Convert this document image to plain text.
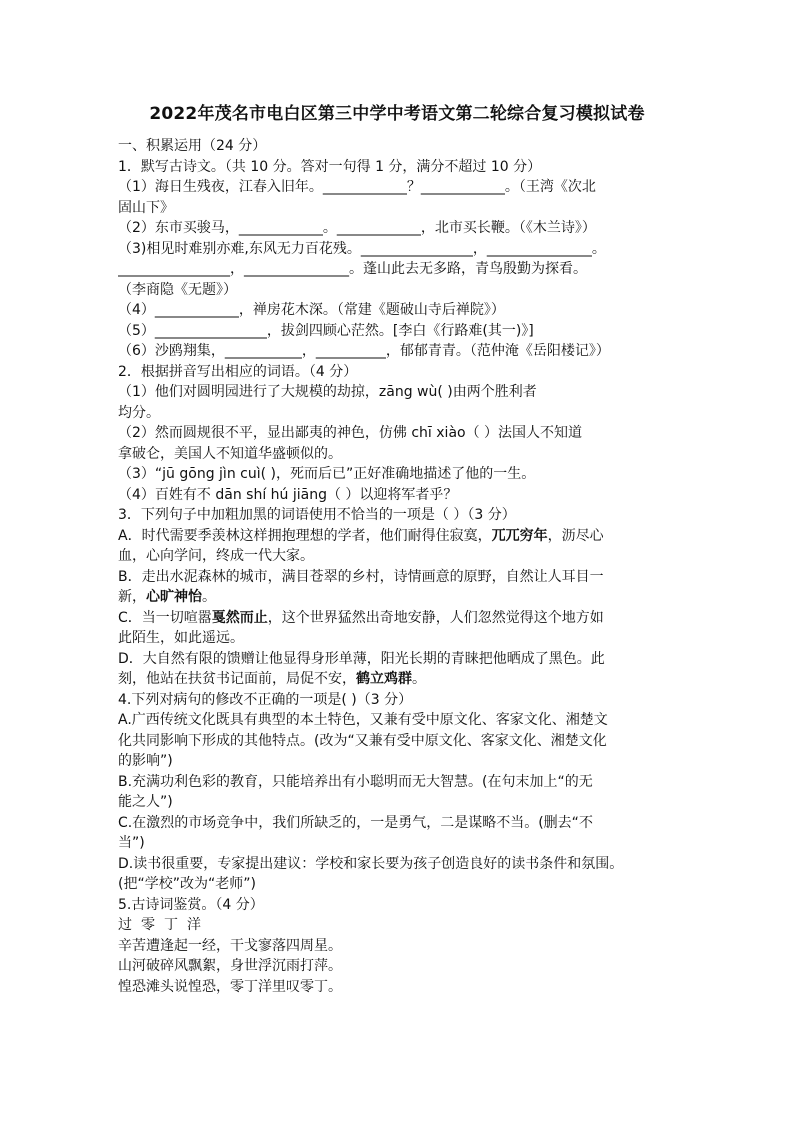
2022年茂名市电白区第三中学中考语文第二轮综合复习模拟试卷
一、积累运用（24 分）
1．默写古诗文。（共 10 分。答对一句得 1 分，满分不超过 10 分）
（1）海日生残夜，江春入旧年。____________？____________。（王湾《次北
固山下》
（2）东市买骏马，____________。____________，北市买长鞭。（《木兰诗》）
（3)相见时难别亦难,东风无力百花残。________________，_______________。
________________，_______________。蓬山此去无多路，青鸟殷勤为探看。
（李商隐《无题》）
（4）____________，禅房花木深。（常建《题破山寺后禅院》）
（5）________________，拔剑四顾心茫然。[李白《行路难(其一)》]
（6）沙鸥翔集，___________，__________，郁郁青青。（范仲淹《岳阳楼记》）
2．根据拼音写出相应的词语。（4 分）
（1）他们对圆明园进行了大规模的劫掠，zāng wù( )由两个胜利者
均分。
（2）然而圆规很不平，显出鄙夷的神色，仿佛 chī xiào（ ）法国人不知道
拿破仑，美国人不知道华盛顿似的。
（3）“jū gōng jìn cuì( )，死而后已”正好准确地描述了他的一生。
（4）百姓有不 dān shí hú jiāng（ ）以迎将军者乎？
3．下列句子中加粗加黑的词语使用不恰当的一项是（ ）（3 分）
A．时代需要季羡林这样拥抱理想的学者，他们耐得住寂寞，兀兀穷年，沥尽心
血，心向学问，终成一代大家。
B．走出水泥森林的城市，满目苍翠的乡村，诗情画意的原野，自然让人耳目一
新，心旷神怡。
C．当一切喧嚣戛然而止，这个世界猛然出奇地安静，人们忽然觉得这个地方如
此陌生，如此遥远。
D．大自然有限的馈赠让他显得身形单薄，阳光长期的青睐把他晒成了黑色。此
刻，他站在扶贫书记面前，局促不安，鹤立鸡群。
4.下列对病句的修改不正确的一项是( )（3 分）
A.广西传统文化既具有典型的本土特色，又兼有受中原文化、客家文化、湘楚文
化共同影响下形成的其他特点。(改为“又兼有受中原文化、客家文化、湘楚文化
的影响”)
B.充满功利色彩的教育，只能培养出有小聪明而无大智慧。(在句末加上“的无
能之人”)
C.在激烈的市场竞争中，我们所缺乏的，一是勇气，二是谋略不当。(删去“不
当”)
D.读书很重要，专家提出建议：学校和家长要为孩子创造良好的读书条件和氛围。
(把“学校”改为“老师”)
5.古诗词鉴赏。（4 分）
过零丁洋
辛苦遭逢起一经，干戈寥落四周星。
山河破碎风飘絮，身世浮沉雨打萍。
惶恐滩头说惶恐，零丁洋里叹零丁。
